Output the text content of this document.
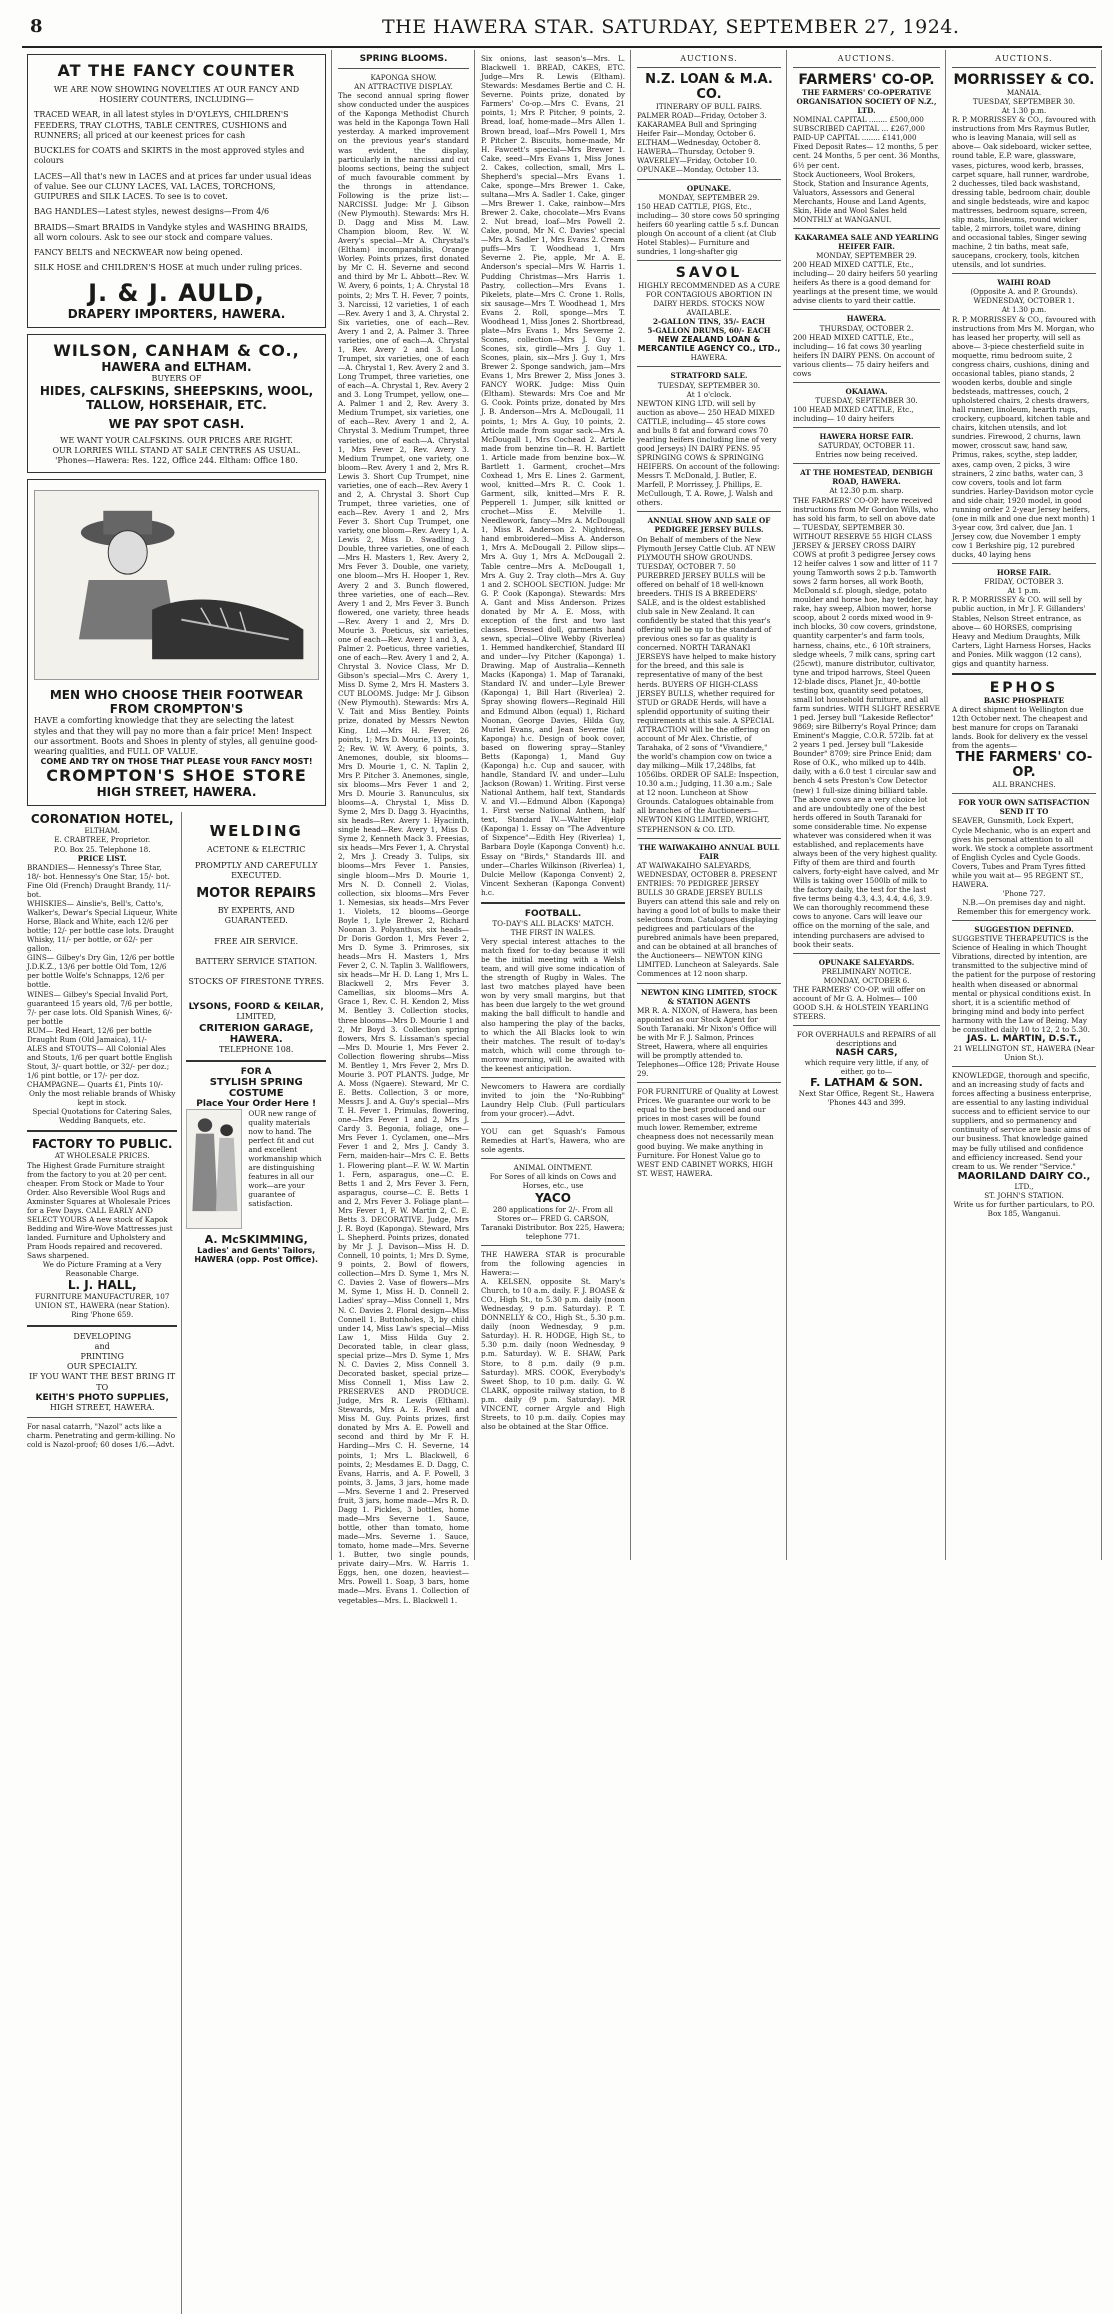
8	THE HAWERA STAR. SATURDAY, SEPTEMBER 27, 1924.
AT THE FANCY COUNTER
WE ARE NOW SHOWING NOVELTIES AT OUR FANCY AND HOSIERY COUNTERS, INCLUDING—
TRACED WEAR, in all latest styles in D'OYLEYS, CHILDREN'S FEEDERS, TRAY CLOTHS, TABLE CENTRES, CUSHIONS and RUNNERS; all priced at our keenest prices for cash
BUCKLES for COATS and SKIRTS in the most approved styles and colours
LACES—All that's new in LACES and at prices far under usual ideas of value. See our CLUNY LACES, VAL LACES, TORCHONS, GUIPURES and SILK LACES. To see is to covet.
BAG HANDLES—Latest styles, newest designs—From 4/6
BRAIDS—Smart BRAIDS in Vandyke styles and WASHING BRAIDS, all worn colours. Ask to see our stock and compare values.
FANCY BELTS and NECKWEAR now being opened.
SILK HOSE and CHILDREN'S HOSE at much under ruling prices.
J. & J. AULD,
DRAPERY IMPORTERS, HAWERA.
WILSON, CANHAM & CO.,
HAWERA and ELTHAM.
BUYERS OF
HIDES, CALFSKINS, SHEEPSKINS, WOOL, TALLOW, HORSEHAIR, ETC.
WE PAY SPOT CASH.
WE WANT YOUR CALFSKINS. OUR PRICES ARE RIGHT.
OUR LORRIES WILL STAND AT SALE CENTRES AS USUAL.
'Phones—Hawera: Res. 122, Office 244. Eltham: Office 180.
MEN WHO CHOOSE THEIR FOOTWEAR FROM CROMPTON'S
HAVE a comforting knowledge that they are selecting the latest styles and that they will pay no more than a fair price! Men! Inspect our assortment. Boots and Shoes in plenty of styles, all genuine good-wearing qualities, and FULL OF VALUE.
COME AND TRY ON THOSE THAT PLEASE YOUR FANCY MOST!
CROMPTON'S SHOE STORE
HIGH STREET, HAWERA.
CORONATION HOTEL,
ELTHAM.
E. CRABTREE, Proprietor.
P.O. Box 25. Telephone 18.
PRICE LIST.
BRANDIES— Hennessy's Three Star, 18/- bot. Hennessy's One Star, 15/- bot. Fine Old (French) Draught Brandy, 11/- bot.
WHISKIES— Ainslie's, Bell's, Catto's, Walker's, Dewar's Special Liqueur, White Horse, Black and White, each 12/6 per bottle; 12/- per bottle case lots. Draught Whisky, 11/- per bottle, or 62/- per gallon.
GINS— Gilbey's Dry Gin, 12/6 per bottle J.D.K.Z., 13/6 per bottle Old Tom, 12/6 per bottle Wolfe's Schnapps, 12/6 per bottle.
WINES— Gilbey's Special Invalid Port, guaranteed 15 years old, 7/6 per bottle, 7/- per case lots. Old Spanish Wines, 6/- per bottle
RUM— Red Heart, 12/6 per bottle Draught Rum (Old Jamaica), 11/-
ALES and STOUTS— All Colonial Ales and Stouts, 1/6 per quart bottle English Stout, 3/- quart bottle, or 32/- per doz.; 1/6 pint bottle, or 17/- per doz.
CHAMPAGNE— Quarts £1, Pints 10/-
Only the most reliable brands of Whisky kept in stock.
Special Quotations for Catering Sales, Wedding Banquets, etc.
FACTORY TO PUBLIC.
AT WHOLESALE PRICES.
The Highest Grade Furniture straight from the factory to you at 20 per cent. cheaper. From Stock or Made to Your Order. Also Reversible Wool Rugs and Axminster Squares at Wholesale Prices for a Few Days. CALL EARLY AND SELECT YOURS A new stock of Kapok Bedding and Wire-Wove Mattresses just landed. Furniture and Upholstery and Pram Hoods repaired and recovered. Saws sharpened.
We do Picture Framing at a Very Reasonable Charge.
L. J. HALL,
FURNITURE MANUFACTURER, 107 UNION ST., HAWERA (near Station). Ring 'Phone 659.
DEVELOPING
and
PRINTING
OUR SPECIALTY.
IF YOU WANT THE BEST BRING IT TO
KEITH'S PHOTO SUPPLIES,
HIGH STREET, HAWERA.
For nasal catarrh, "Nazol" acts like a charm. Penetrating and germ-killing. No cold is Nazol-proof; 60 doses 1/6.—Advt.
WELDING
ACETONE & ELECTRIC
PROMPTLY AND CAREFULLY EXECUTED.
MOTOR REPAIRS
BY EXPERTS, AND GUARANTEED.
FREE AIR SERVICE.
BATTERY SERVICE STATION.
STOCKS OF FIRESTONE TYRES.
LYSONS, FOORD & KEILAR,
LIMITED,
CRITERION GARAGE, HAWERA.
TELEPHONE 108.
FOR A
STYLISH SPRING COSTUME
Place Your Order Here !
OUR new range of quality materials now to hand. The perfect fit and cut and excellent workmanship which are distinguishing features in all our work—are your guarantee of satisfaction.
A. McSKIMMING,
Ladies' and Gents' Tailors, HAWERA (opp. Post Office).
SPRING BLOOMS.
KAPONGA SHOW.
AN ATTRACTIVE DISPLAY.
The second annual spring flower show conducted under the auspices of the Kaponga Methodist Church was held in the Kaponga Town Hall yesterday. A marked improvement on the previous year's standard was evident, the display, particularly in the narcissi and cut blooms sections, being the subject of much favourable comment by the throngs in attendance. Following is the prize list:— NARCISSI. Judge: Mr J. Gibson (New Plymouth). Stewards: Mrs H. D. Dagg and Miss M. Law. Champion bloom, Rev. W. W. Avery's special—Mr A. Chrystal's (Eltham) incomparabilis, Orange Worley. Points prizes, first donated by Mr C. H. Severne and second and third by Mr L. Abbott—Rev. W. W. Avery, 6 points, 1; A. Chrystal 18 points, 2; Mrs T. H. Fever, 7 points, 3. Narcissi, 12 varieties, 1 of each—Rev. Avery 1 and 3, A. Chrystal 2. Six varieties, one of each—Rev. Avery 1 and 2, A. Palmer 3. Three varieties, one of each—A. Chrystal 1, Rev. Avery 2 and 3. Long Trumpet, six varieties, one of each—A. Chrystal 1, Rev. Avery 2 and 3. Long Trumpet, three varieties, one of each—A. Chrystal 1, Rev. Avery 2 and 3. Long Trumpet, yellow, one—A. Palmer 1 and 2, Rev. Avery 3. Medium Trumpet, six varieties, one of each—Rev. Avery 1 and 2, A. Chrystal 3. Medium Trumpet, three varieties, one of each—A. Chrystal 1, Mrs Fever 2, Rev. Avery 3. Medium Trumpet, one variety, one bloom—Rev. Avery 1 and 2, Mrs R. Lewis 3. Short Cup Trumpet, nine varieties, one of each—Rev. Avery 1 and 2, A. Chrystal 3. Short Cup Trumpet, three varieties, one of each—Rev. Avery 1 and 2, Mrs Fever 3. Short Cup Trumpet, one variety, one bloom—Rev. Avery 1, A. Lewis 2, Miss D. Swadling 3. Double, three varieties, one of each—Mrs H. Masters 1, Rev. Avery 2, Mrs Fever 3. Double, one variety, one bloom—Mrs H. Hooper 1, Rev. Avery 2 and 3. Bunch flowered, three varieties, one of each—Rev. Avery 1 and 2, Mrs Fever 3. Bunch flowered, one variety, three heads—Rev. Avery 1 and 2, Mrs D. Mourie 3. Poeticus, six varieties, one of each—Rev. Avery 1 and 3, A. Palmer 2. Poeticus, three varieties, one of each—Rev. Avery 1 and 2, A. Chrystal 3. Novice Class, Mr D. Gibson's special—Mrs C. Avery 1, Miss D. Syme 2, Mrs H. Masters 3. CUT BLOOMS. Judge: Mr J. Gibson (New Plymouth). Stewards: Mrs A. V. Tait and Miss Bentley. Points prize, donated by Messrs Newton King, Ltd.—Mrs H. Fever, 26 points, 1; Mrs D. Mourie, 13 points, 2; Rev. W. W. Avery, 6 points, 3. Anemones, double, six blooms—Mrs D. Mourie 1, C. N. Taplin 2, Mrs P. Pitcher 3. Anemones, single, six blooms—Mrs Fever 1 and 2, Mrs D. Mourie 3. Ranunculus, six blooms—A. Chrystal 1, Miss D. Syme 2, Mrs D. Dagg 3. Hyacinths, six heads—Rev. Avery 1. Hyacinth, single head—Rev. Avery 1, Miss D. Syme 2, Kenneth Mack 3. Freesias, six heads—Mrs Fever 1, A. Chrystal 2, Mrs J. Cready 3. Tulips, six blooms—Mrs Fever 1. Pansies, single bloom—Mrs D. Mourie 1, Mrs N. D. Connell 2. Violas, collection, six blooms—Mrs Fever 1. Nemesias, six heads—Mrs Fever 1. Violets, 12 blooms—George Boyle 1, Lyle Brewer 2, Richard Noonan 3. Polyanthus, six heads—Dr Doris Gordon 1, Mrs Fever 2, Mrs D. Syme 3. Primroses, six heads—Mrs H. Masters 1, Mrs Fever 2, C. N. Taplin 3. Wallflowers, six heads—Mr H. D. Lang 1, Mrs L. Blackwell 2, Mrs Fever 3. Camellias, six blooms—Mrs A. Grace 1, Rev. C. H. Kendon 2, Miss M. Bentley 3. Collection stocks, three blooms—Mrs D. Mourie 1 and 2, Mr Boyd 3. Collection spring flowers, Mrs S. Lissaman's special—Mrs D. Mourie 1, Mrs Fever 2. Collection flowering shrubs—Miss M. Bentley 1, Mrs Fever 2, Mrs D. Mourie 3. POT PLANTS. Judge, Mr A. Moss (Ngaere). Steward, Mr C. E. Betts. Collection, 3 or more, Messrs J. and A. Guy's special—Mrs T. H. Fever 1. Primulas, flowering, one—Mrs Fever 1 and 2, Mrs J. Cardy 3. Begonia, foliage, one—Mrs Fever 1. Cyclamen, one—Mrs Fever 1 and 2, Mrs J. Candy 3. Fern, maiden-hair—Mrs C. E. Betts 1. Flowering plant—F. W. W. Martin 1. Fern, asparagus, one—C. E. Betts 1 and 2, Mrs Fever 3. Fern, asparagus, course—C. E. Betts 1 and 2, Mrs Fever 3. Foliage plant—Mrs Fever 1, F. W. Martin 2, C. E. Betts 3. DECORATIVE. Judge, Mrs J. R. Boyd (Kaponga). Steward, Mrs L. Shepherd. Points prizes, donated by Mr J. J. Davison—Miss H. D. Connell, 10 points, 1; Mrs D. Syme, 9 points, 2. Bowl of flowers, collection—Mrs D. Syme 1, Mrs N. C. Davies 2. Vase of flowers—Mrs M. Syme 1, Miss H. D. Connell 2. Ladies' spray—Miss Connell 1, Mrs N. C. Davies 2. Floral design—Miss Connell 1. Buttonholes, 3, by child under 14, Miss Law's special—Miss Law 1, Miss Hilda Guy 2. Decorated table, in clear glass, special prize—Mrs D. Syme 1, Mrs N. C. Davies 2, Miss Connell 3. Decorated basket, special prize—Miss Connell 1, Miss Law 2. PRESERVES AND PRODUCE. Judge, Mrs R. Lewis (Eltham). Stewards, Mrs A. E. Powell and Miss M. Guy. Points prizes, first donated by Mrs A. E. Powell and second and third by Mr F. H. Harding—Mrs C. H. Severne, 14 points, 1; Mrs L. Blackwell, 6 points, 2; Mesdames E. D. Dagg, C. Evans, Harris, and A. F. Powell, 3 points, 3. Jams, 3 jars, home made—Mrs. Severne 1 and 2. Preserved fruit, 3 jars, home made—Mrs R. D. Dagg 1. Pickles, 3 bottles, home made—Mrs Severne 1. Sauce, bottle, other than tomato, home made—Mrs. Severne 1. Sauce, tomato, home made—Mrs. Severne 1. Butter, two single pounds, private dairy—Mrs. W. Harris 1. Eggs, hen, one dozen, heaviest—Mrs. Powell 1. Soap, 3 bars, home made—Mrs. Evans 1. Collection of vegetables—Mrs. L. Blackwell 1.
Six onions, last season's—Mrs. L. Blackwell 1. BREAD, CAKES, ETC. Judge—Mrs R. Lewis (Eltham). Stewards: Mesdames Bertie and C. H. Severne. Points prize, donated by Farmers' Co-op.—Mrs C. Evans, 21 points, 1; Mrs P. Pitcher, 9 points, 2. Bread, loaf, home-made—Mrs Allen 1. Brown bread, loaf—Mrs Powell 1, Mrs P. Pitcher 2. Biscuits, home-made, Mr H. Fawcett's special—Mrs Brewer 1. Cake, seed—Mrs Evans 1, Miss Jones 2. Cakes, collection, small, Mrs L. Shepherd's special—Mrs Evans 1. Cake, sponge—Mrs Brewer 1. Cake, sultana—Mrs A. Sadler 1. Cake, ginger—Mrs Brewer 1. Cake, rainbow—Mrs Brewer 2. Cake, chocolate—Mrs Evans 2. Nut bread, loaf—Mrs Powell 2. Cake, pound, Mr N. C. Davies' special—Mrs A. Sadler 1, Mrs Evans 2. Cream puffs—Mrs T. Woodhead 1, Mrs Severne 2. Pie, apple, Mr A. E. Anderson's special—Mrs W. Harris 1. Pudding Christmas—Mrs Harris 1. Pastry, collection—Mrs Evans 1. Pikelets, plate—Mrs C. Crone 1. Rolls, six sausage—Mrs T. Woodhead 1, Mrs Evans 2. Roll, sponge—Mrs T. Woodhead 1, Miss Jones 2. Shortbread, plate—Mrs Evans 1, Mrs Severne 2. Scones, collection—Mrs J. Guy 1. Scones, six, girdle—Mrs J. Guy 1. Scones, plain, six—Mrs J. Guy 1, Mrs Brewer 2. Sponge sandwich, jam—Mrs Evans 1, Mrs Brewer 2, Miss Jones 3. FANCY WORK. Judge: Miss Quin (Eltham). Stewards: Mrs Coe and Mr G. Cook. Points prize, donated by Mrs J. B. Anderson—Mrs A. McDougall, 11 points, 1; Mrs A. Guy, 10 points, 2. Article made from sugar sack—Mrs A. McDougall 1, Mrs Cochead 2. Article made from benzine tin—R. H. Bartlett 1. Article made from benzine box—W. Bartlett 1. Garment, crochet—Mrs Coxhead 1, Mrs E. Lines 2. Garment, wool, knitted—Mrs R. C. Cook 1. Garment, silk, knitted—Mrs F. R. Pepperell 1. Jumper, silk knitted or crochet—Miss E. Melville 1. Needlework, fancy—Mrs A. McDougall 1, Miss R. Anderson 2. Nightdress, hand embroidered—Miss A. Anderson 1, Mrs A. McDougall 2. Pillow slips—Mrs A. Guy 1, Mrs A. McDougall 2. Table centre—Mrs A. McDougall 1, Mrs A. Guy 2. Tray cloth—Mrs A. Guy 1 and 2. SCHOOL SECTION. Judge: Mr G. P. Cook (Kaponga). Stewards: Mrs A. Gant and Miss Anderson. Prizes donated by Mr A. E. Moss, with exception of the first and two last classes. Dressed doll, garments hand sewn, special—Olive Webby (Riverlea) 1. Hemmed handkerchief, Standard III and under—Ivy Pitcher (Kaponga) 1. Drawing. Map of Australia—Kenneth Macks (Kaponga) 1. Map of Taranaki, Standard IV. and under—Lyle Brewer (Kaponga) 1, Bill Hart (Riverlea) 2. Spray showing flowers—Reginald Hill and Edmund Albon (equal) 1, Richard Noonan, George Davies, Hilda Guy, Muriel Evans, and Jean Severne (all Kaponga) h.c. Design of book cover, based on flowering spray—Stanley Betts (Kaponga) 1, Mand Guy (Kaponga) h.c. Cup and saucer, with handle, Standard IV. and under—Lulu Jackson (Rowan) 1. Writing. First verse National Anthem, half text, Standards V. and VI.—Edmund Albon (Kaponga) 1. First verse National Anthem, half text, Standard IV.—Walter Hjelop (Kaponga) 1. Essay on "The Adventure of Sixpence"—Edith Hey (Riverlea) 1, Barbara Doyle (Kaponga Convent) h.c. Essay on "Birds," Standards III. and under—Charles Wilkinson (Riverlea) 1, Dulcie Mellow (Kaponga Convent) 2, Vincent Sexheran (Kaponga Convent) h.c.
FOOTBALL.
TO-DAY'S ALL BLACKS' MATCH.
THE FIRST IN WALES.
Very special interest attaches to the match fixed for to-day because it will be the initial meeting with a Welsh team, and will give some indication of the strength of Rugby in Wales. The last two matches played have been won by very small margins, but that has been due largely to the wet ground making the ball difficult to handle and also hampering the play of the backs, to which the All Blacks look to win their matches. The result of to-day's match, which will come through to-morrow morning, will be awaited with the keenest anticipation.
Newcomers to Hawera are cordially invited to join the "No-Rubbing" Laundry Help Club. (Full particulars from your grocer).—Advt.
YOU can get Squash's Famous Remedies at Hart's, Hawera, who are sole agents.
ANIMAL OINTMENT.
For Sores of all kinds on Cows and Horses, etc., use
YACO
280 applications for 2/-. From all Stores or— FRED G. CARSON, Taranaki Distributor. Box 225, Hawera; telephone 771.
THE HAWERA STAR is procurable from the following agencies in Hawera:—
A. KELSEN, opposite St. Mary's Church, to 10 a.m. daily. F. J. BOASE & CO., High St., to 5.30 p.m. daily (noon Wednesday, 9 p.m. Saturday). P. T. DONNELLY & CO., High St., 5.30 p.m. daily (noon Wednesday, 9 p.m. Saturday). H. R. HODGE, High St., to 5.30 p.m. daily (noon Wednesday, 9 p.m. Saturday). W. E. SHAW, Park Store, to 8 p.m. daily (9 p.m. Saturday). MRS. COOK, Everybody's Sweet Shop, to 10 p.m. daily. G. W. CLARK, opposite railway station, to 8 p.m. daily (9 p.m. Saturday). MR VINCENT, corner Argyle and High Streets, to 10 p.m. daily. Copies may also be obtained at the Star Office.
AUCTIONS.
N.Z. LOAN & M.A. CO.
ITINERARY OF BULL FAIRS.
PALMER ROAD—Friday, October 3. KAKARAMEA Bull and Springing Heifer Fair—Monday, October 6. ELTHAM—Wednesday, October 8. HAWERA—Thursday, October 9. WAVERLEY—Friday, October 10. OPUNAKE—Monday, October 13.
OPUNAKE.
MONDAY, SEPTEMBER 29.
150 HEAD CATTLE, PIGS, Etc., including— 30 store cows 50 springing heifers 60 yearling cattle 5 s.f. Duncan plough On account of a client (at Club Hotel Stables)— Furniture and sundries, 1 long-shafter gig
SAVOL
HIGHLY RECOMMENDED AS A CURE FOR CONTAGIOUS ABORTION IN DAIRY HERDS. STOCKS NOW AVAILABLE.
2-GALLON TINS, 35/- EACH
5-GALLON DRUMS, 60/- EACH
NEW ZEALAND LOAN & MERCANTILE AGENCY CO., LTD.,
HAWERA.
STRATFORD SALE.
TUESDAY, SEPTEMBER 30.
At 1 o'clock.
NEWTON KING LTD. will sell by auction as above— 250 HEAD MIXED CATTLE, including— 45 store cows and bulls 8 fat and forward cows 70 yearling heifers (including line of very good Jerseys) IN DAIRY PENS. 95 SPRINGING COWS & SPRINGING HEIFERS. On account of the following: Messrs T. McDonald, J. Butler, E. Marfell, P. Morrissey, J. Phillips, E. McCullough, T. A. Rowe, J. Walsh and others.
ANNUAL SHOW AND SALE OF PEDIGREE JERSEY BULLS.
On Behalf of members of the New Plymouth Jersey Cattle Club. AT NEW PLYMOUTH SHOW GROUNDS. TUESDAY, OCTOBER 7. 50 PUREBRED JERSEY BULLS will be offered on behalf of 18 well-known breeders. THIS IS A BREEDERS' SALE, and is the oldest established club sale in New Zealand. It can confidently be stated that this year's offering will be up to the standard of previous ones so far as quality is concerned. NORTH TARANAKI JERSEYS have helped to make history for the breed, and this sale is representative of many of the best herds. BUYERS OF HIGH-CLASS JERSEY BULLS, whether required for STUD or GRADE Herds, will have a splendid opportunity of suiting their requirements at this sale. A SPECIAL ATTRACTION will be the offering on account of Mr Alex. Christie, of Tarahaka, of 2 sons of "Vivandiere," the world's champion cow on twice a day milking—Milk 17,248lbs, fat 1056lbs. ORDER OF SALE: Inspection, 10.30 a.m.; Judging, 11.30 a.m.; Sale at 12 noon. Luncheon at Show Grounds. Catalogues obtainable from all branches of the Auctioneers— NEWTON KING LIMITED, WRIGHT, STEPHENSON & CO. LTD.
THE WAIWAKAIHO ANNUAL BULL FAIR
AT WAIWAKAIHO SALEYARDS, WEDNESDAY, OCTOBER 8. PRESENT ENTRIES: 70 PEDIGREE JERSEY BULLS 30 GRADE JERSEY BULLS Buyers can attend this sale and rely on having a good lot of bulls to make their selections from. Catalogues displaying pedigrees and particulars of the purebred animals have been prepared, and can be obtained at all branches of the Auctioneers— NEWTON KING LIMITED. Luncheon at Saleyards. Sale Commences at 12 noon sharp.
NEWTON KING LIMITED, STOCK & STATION AGENTS
MR R. A. NIXON, of Hawera, has been appointed as our Stock Agent for South Taranaki. Mr Nixon's Office will be with Mr F. J. Salmon, Princes Street, Hawera, where all enquiries will be promptly attended to. Telephones—Office 128; Private House 29.
FOR FURNITURE of Quality at Lowest Prices. We guarantee our work to be equal to the best produced and our prices in most cases will be found much lower. Remember, extreme cheapness does not necessarily mean good buying. We make anything in Furniture. For Honest Value go to WEST END CABINET WORKS, HIGH ST. WEST, HAWERA.
AUCTIONS.
FARMERS' CO-OP.
THE FARMERS' CO-OPERATIVE ORGANISATION SOCIETY OF N.Z., LTD.
NOMINAL CAPITAL ........ £500,000 SUBSCRIBED CAPITAL ... £267,000 PAID-UP CAPITAL ........ £141,000
Fixed Deposit Rates— 12 months, 5 per cent. 24 Months, 5 per cent. 36 Months, 6½ per cent.
Stock Auctioneers, Wool Brokers, Stock, Station and Insurance Agents, Valuators, Assessors and General Merchants, House and Land Agents, Skin, Hide and Wool Sales held MONTHLY at WANGANUI.
KAKARAMEA SALE AND YEARLING HEIFER FAIR.
MONDAY, SEPTEMBER 29.
200 HEAD MIXED CATTLE, Etc., including— 20 dairy heifers 50 yearling heifers As there is a good demand for yearlings at the present time, we would advise clients to yard their cattle.
HAWERA.
THURSDAY, OCTOBER 2.
200 HEAD MIXED CATTLE, Etc., including— 16 fat cows 30 yearling heifers IN DAIRY PENS. On account of various clients— 75 dairy heifers and cows
OKAIAWA.
TUESDAY, SEPTEMBER 30.
100 HEAD MIXED CATTLE, Etc., including— 10 dairy heifers
HAWERA HORSE FAIR.
SATURDAY, OCTOBER 11.
Entries now being received.
AT THE HOMESTEAD, DENBIGH ROAD, HAWERA.
At 12.30 p.m. sharp.
THE FARMERS' CO-OP. have received instructions from Mr Gordon Wills, who has sold his farm, to sell on above date— TUESDAY, SEPTEMBER 30. WITHOUT RESERVE 55 HIGH CLASS JERSEY & JERSEY CROSS DAIRY COWS at profit 3 pedigree Jersey cows 12 heifer calves 1 sow and litter of 11 7 young Tamworth sows 2 p.b. Tamworth sows 2 farm horses, all work Booth, McDonald s.f. plough, sledge, potato moulder and horse hoe, hay tedder, hay rake, hay sweep, Albion mower, horse scoop, about 2 cords mixed wood in 9-inch blocks, 30 cow covers, grindstone, quantity carpenter's and farm tools, harness, chains, etc., 6 10ft strainers, sledge wheels, 7 milk cans, spring cart (25cwt), manure distributor, cultivator, tyne and tripod harrows, Steel Queen 12-blade discs, Planet Jr., 40-bottle testing box, quantity seed potatoes, small lot household furniture, and all farm sundries. WITH SLIGHT RESERVE 1 ped. Jersey bull "Lakeside Reflector" 9869; sire Bilberry's Royal Prince; dam Eminent's Maggie, C.O.R. 572lb. fat at 2 years 1 ped. Jersey bull "Lakeside Bounder" 8709; sire Prince Enid; dam Rose of O.K., who milked up to 44lb. daily, with a 6.0 test 1 circular saw and bench 4 sets Preston's Cow Detector (new) 1 full-size dining billiard table. The above cows are a very choice lot and are undoubtedly one of the best herds offered in South Taranaki for some considerable time. No expense whatever was considered when it was established, and replacements have always been of the very highest quality. Fifty of them are third and fourth calvers, forty-eight have calved, and Mr Wills is taking over 1500lb of milk to the factory daily, the test for the last five terms being 4.3, 4.3, 4.4, 4.6, 3.9. We can thoroughly recommend these cows to anyone. Cars will leave our office on the morning of the sale, and intending purchasers are advised to book their seats.
OPUNAKE SALEYARDS.
PRELIMINARY NOTICE.
MONDAY, OCTOBER 6.
THE FARMERS' CO-OP. will offer on account of Mr G. A. Holmes— 100 GOOD S.H. & HOLSTEIN YEARLING STEERS.
FOR OVERHAULS and REPAIRS of all descriptions and
NASH CARS,
which require very little, if any, of either, go to—
F. LATHAM & SON.
Next Star Office, Regent St., Hawera 'Phones 443 and 399.
AUCTIONS.
MORRISSEY & CO.
MANAIA.
TUESDAY, SEPTEMBER 30.
At 1.30 p.m.
R. P. MORRISSEY & CO., favoured with instructions from Mrs Raymus Butler, who is leaving Manaia, will sell as above— Oak sideboard, wicker settee, round table, E.P. ware, glassware, vases, pictures, wood kerb, brasses, carpet square, hall runner, wardrobe, 2 duchesses, tiled back washstand, dressing table, bedroom chair, double and single bedsteads, wire and kapoc mattresses, bedroom square, screen, slip mats, linoleums, round wicker table, 2 mirrors, toilet ware, dining and occasional tables, Singer sewing machine, 2 tin baths, meat safe, saucepans, crockery, tools, kitchen utensils, and lot sundries.
WAIHI ROAD
(Opposite A. and P. Grounds).
WEDNESDAY, OCTOBER 1.
At 1.30 p.m.
R. P. MORRISSEY & CO., favoured with instructions from Mrs M. Morgan, who has leased her property, will sell as above— 3-piece chesterfield suite in moquette, rimu bedroom suite, 2 congress chairs, cushions, dining and occasional tables, piano stands, 2 wooden kerbs, double and single bedsteads, mattresses, couch, 2 upholstered chairs, 2 chests drawers, hall runner, linoleum, hearth rugs, crockery, cupboard, kitchen table and chairs, kitchen utensils, and lot sundries. Firewood, 2 churns, lawn mower, crosscut saw, hand saw, Primus, rakes, scythe, step ladder, axes, camp oven, 2 picks, 3 wire strainers, 2 zinc baths, water can, 3 cow covers, tools and lot farm sundries. Harley-Davidson motor cycle and side chair, 1920 model, in good running order 2 2-year Jersey heifers, (one in milk and one due next month) 1 3-year cow, 3rd calver, due Jan. 1 Jersey cow, due November 1 empty cow 1 Berkshire pig, 12 purebred ducks, 40 laying hens
HORSE FAIR.
FRIDAY, OCTOBER 3.
At 1 p.m.
R. P. MORRISSEY & CO. will sell by public auction, in Mr J. F. Gillanders' Stables, Nelson Street entrance, as above— 60 HORSES, comprising Heavy and Medium Draughts, Milk Carters, Light Harness Horses, Hacks and Ponies. Milk waggon (12 cans), gigs and quantity harness.
EPHOS
BASIC PHOSPHATE
A direct shipment to Wellington due 12th October next. The cheapest and best manure for crops on Taranaki lands. Book for delivery ex the vessel from the agents—
THE FARMERS' CO-OP.
ALL BRANCHES.
FOR YOUR OWN SATISFACTION SEND IT TO
SEAVER, Gunsmith, Lock Expert, Cycle Mechanic, who is an expert and gives his personal attention to all work. We stock a complete assortment of English Cycles and Cycle Goods. Covers, Tubes and Pram Tyres fitted while you wait at— 95 REGENT ST., HAWERA.
'Phone 727.
N.B.—On premises day and night. Remember this for emergency work.
SUGGESTION DEFINED.
SUGGESTIVE THERAPEUTICS is the Science of Healing in which Thought Vibrations, directed by intention, are transmitted to the subjective mind of the patient for the purpose of restoring health when diseased or abnormal mental or physical conditions exist. In short, it is a scientific method of bringing mind and body into perfect harmony with the Law of Being. May be consulted daily 10 to 12, 2 to 5.30.
JAS. L. MARTIN, D.S.T.,
21 WELLINGTON ST., HAWERA (Near Union St.).
KNOWLEDGE, thorough and specific, and an increasing study of facts and forces affecting a business enterprise, are essential to any lasting individual success and to efficient service to our suppliers, and so permanency and continuity of service are basic aims of our business. That knowledge gained may be fully utilised and confidence and efficiency increased. Send your cream to us. We render "Service."
MAORILAND DAIRY CO.,
LTD.,
ST. JOHN'S STATION.
Write us for further particulars, to P.O. Box 185, Wanganui.
